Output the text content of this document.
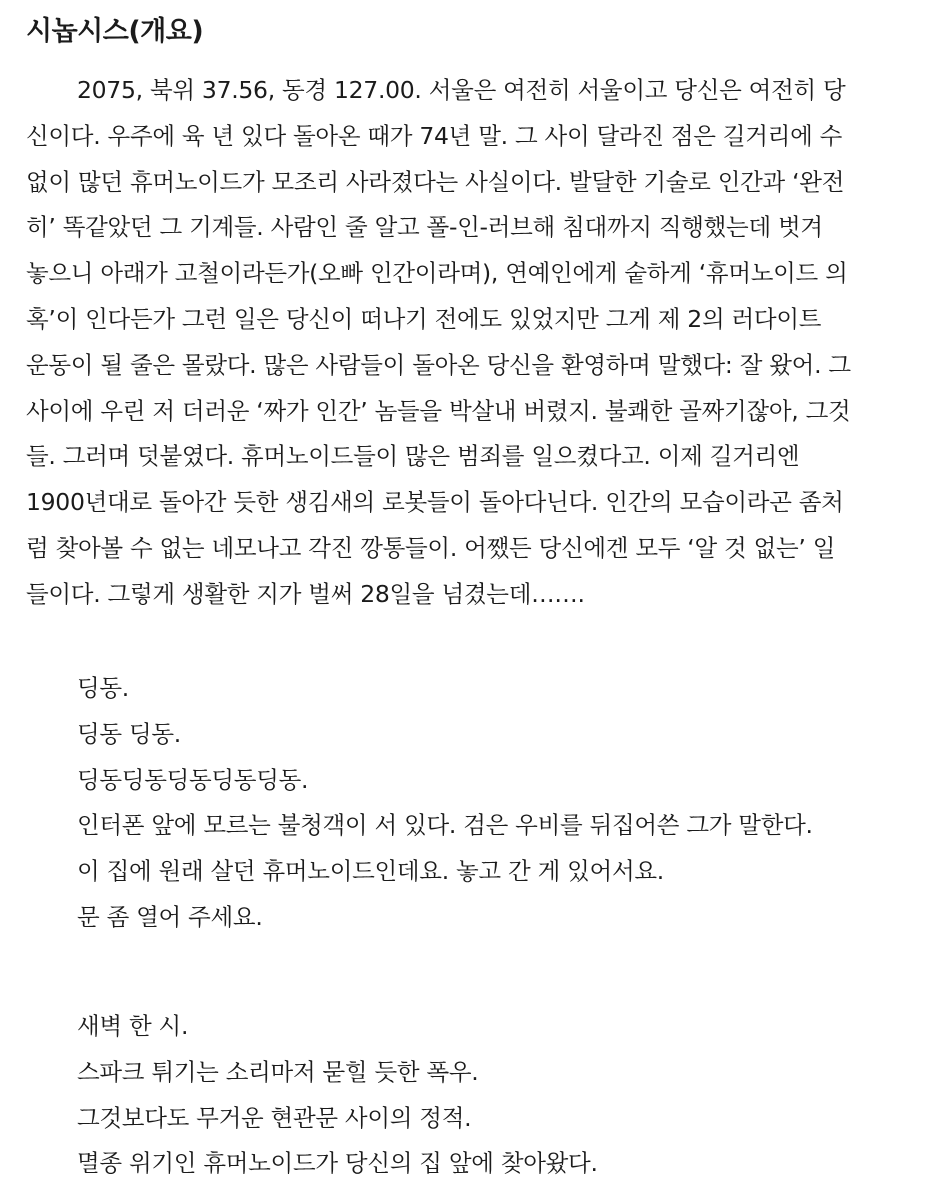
시놉시스(개요)
2075, 북위 37.56, 동경 127.00. 서울은 여전히 서울이고 당신은 여전히 당
신이다. 우주에 육 년 있다 돌아온 때가 74년 말. 그 사이 달라진 점은 길거리에 수
없이 많던 휴머노이드가 모조리 사라졌다는 사실이다. 발달한 기술로 인간과 ‘완전
히’ 똑같았던 그 기계들. 사람인 줄 알고 폴-인-러브해 침대까지 직행했는데 벗겨
놓으니 아래가 고철이라든가(오빠 인간이라며), 연예인에게 숱하게 ‘휴머노이드 의
혹’이 인다든가 그런 일은 당신이 떠나기 전에도 있었지만 그게 제 2의 러다이트
운동이 될 줄은 몰랐다. 많은 사람들이 돌아온 당신을 환영하며 말했다: 잘 왔어. 그
사이에 우린 저 더러운 ‘짜가 인간’ 놈들을 박살내 버렸지. 불쾌한 골짜기잖아, 그것
들. 그러며 덧붙였다. 휴머노이드들이 많은 범죄를 일으켰다고. 이제 길거리엔
1900년대로 돌아간 듯한 생김새의 로봇들이 돌아다닌다. 인간의 모습이라곤 좀처
럼 찾아볼 수 없는 네모나고 각진 깡통들이. 어쨌든 당신에겐 모두 ‘알 것 없는’ 일
들이다. 그렇게 생활한 지가 벌써 28일을 넘겼는데…….
딩동.
딩동 딩동.
딩동딩동딩동딩동딩동.
인터폰 앞에 모르는 불청객이 서 있다. 검은 우비를 뒤집어쓴 그가 말한다.
이 집에 원래 살던 휴머노이드인데요. 놓고 간 게 있어서요.
문 좀 열어 주세요.
새벽 한 시.
스파크 튀기는 소리마저 묻힐 듯한 폭우.
그것보다도 무거운 현관문 사이의 정적.
멸종 위기인 휴머노이드가 당신의 집 앞에 찾아왔다.
